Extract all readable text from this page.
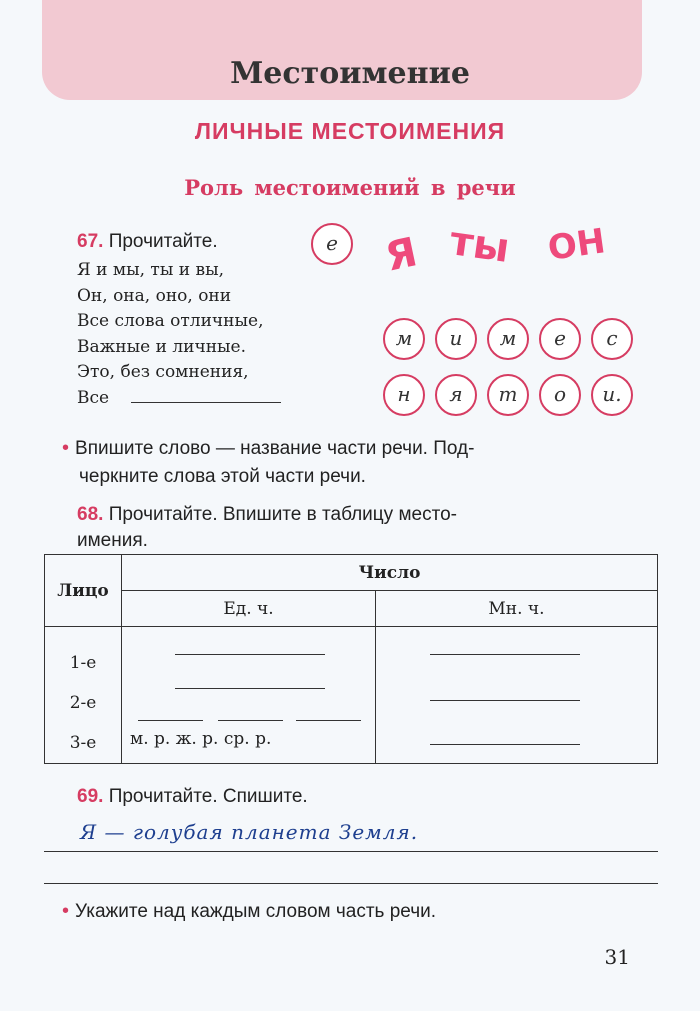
Местоимение
ЛИЧНЫЕ МЕСТОИМЕНИЯ
Роль местоимений в речи
67. Прочитайте.
Я и мы, ты и вы,
Он, она, оно, они
Все слова отличные,
Важные и личные.
Это, без сомнения,
Все
е	Я ты ОН
м	и	м	е	с
н	я	т	о	и.
• Впишите слово — название части речи. Под-
черкните слова этой части речи.
68. Прочитайте. Впишите в таблицу место-
имения.
Лицо	Число	
	Ед. ч.	Мн. ч.

1-е
2-е
3-е	м. р. ж. р. ср. р.	

69. Прочитайте. Спишите.
Я — голубая планета Земля.
• Укажите над каждым словом часть речи.
31
